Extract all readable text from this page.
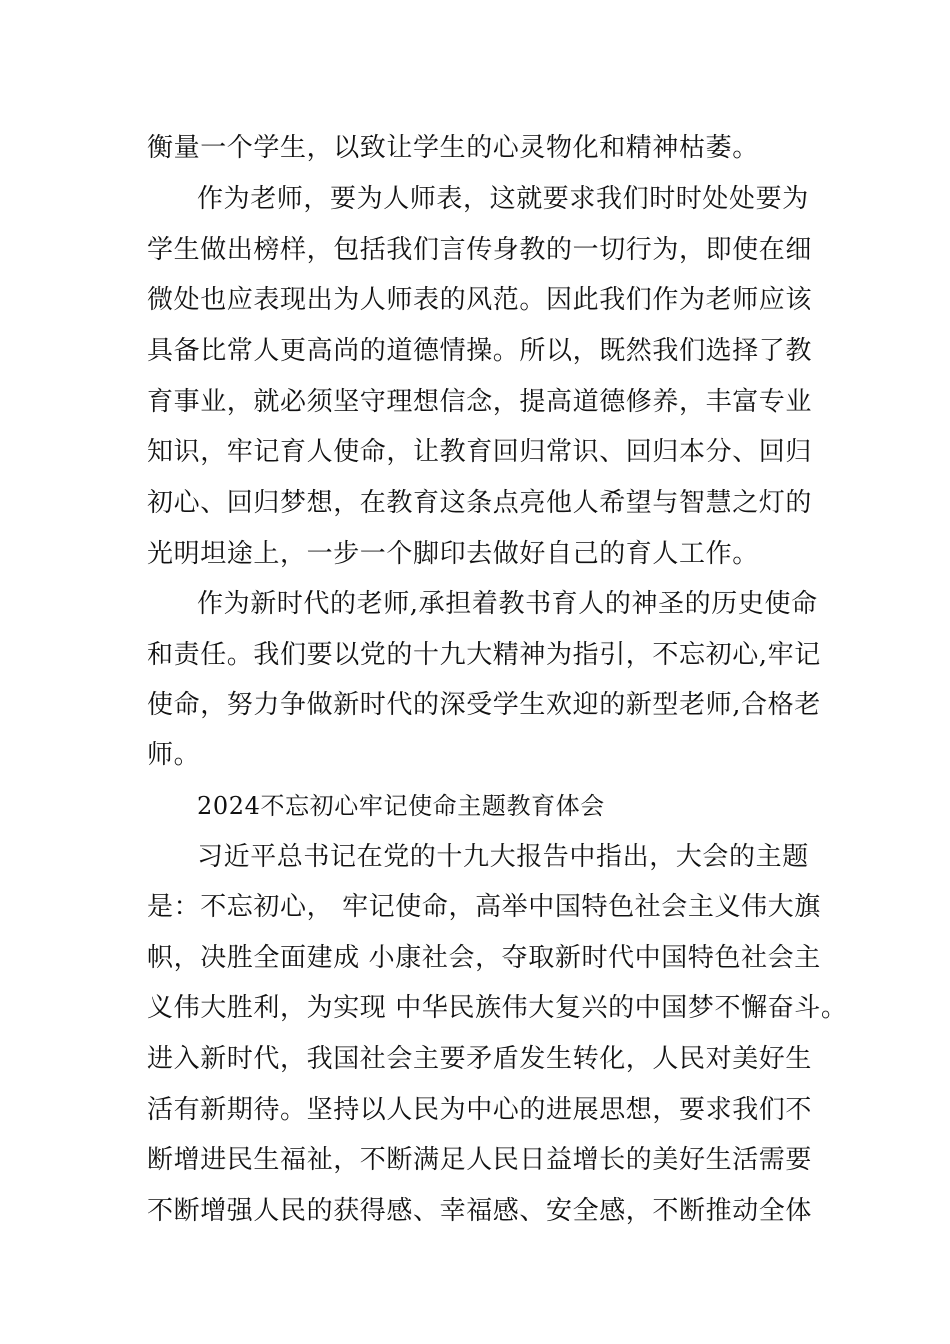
衡量一个学生，以致让学生的心灵物化和精神枯萎。
作为老师，要为人师表，这就要求我们时时处处要为
学生做出榜样，包括我们言传身教的一切行为，即使在细
微处也应表现出为人师表的风范。因此我们作为老师应该
具备比常人更高尚的道德情操。所以，既然我们选择了教
育事业，就必须坚守理想信念，提高道德修养，丰富专业
知识，牢记育人使命，让教育回归常识、回归本分、回归
初心、回归梦想，在教育这条点亮他人希望与智慧之灯的
光明坦途上，一步一个脚印去做好自己的育人工作。
作为新时代的老师,承担着教书育人的神圣的历史使命
和责任。我们要以党的十九大精神为指引，不忘初心,牢记
使命，努力争做新时代的深受学生欢迎的新型老师,合格老
师。
2024不忘初心牢记使命主题教育体会
习近平总书记在党的十九大报告中指出，大会的主题
是：不忘初心， 牢记使命，高举中国特色社会主义伟大旗
帜，决胜全面建成 小康社会，夺取新时代中国特色社会主
义伟大胜利，为实现 中华民族伟大复兴的中国梦不懈奋斗。
进入新时代，我国社会主要矛盾发生转化，人民对美好生
活有新期待。坚持以人民为中心的进展思想，要求我们不
断增进民生福祉，不断满足人民日益增长的美好生活需要
不断增强人民的获得感、幸福感、安全感，不断推动全体
